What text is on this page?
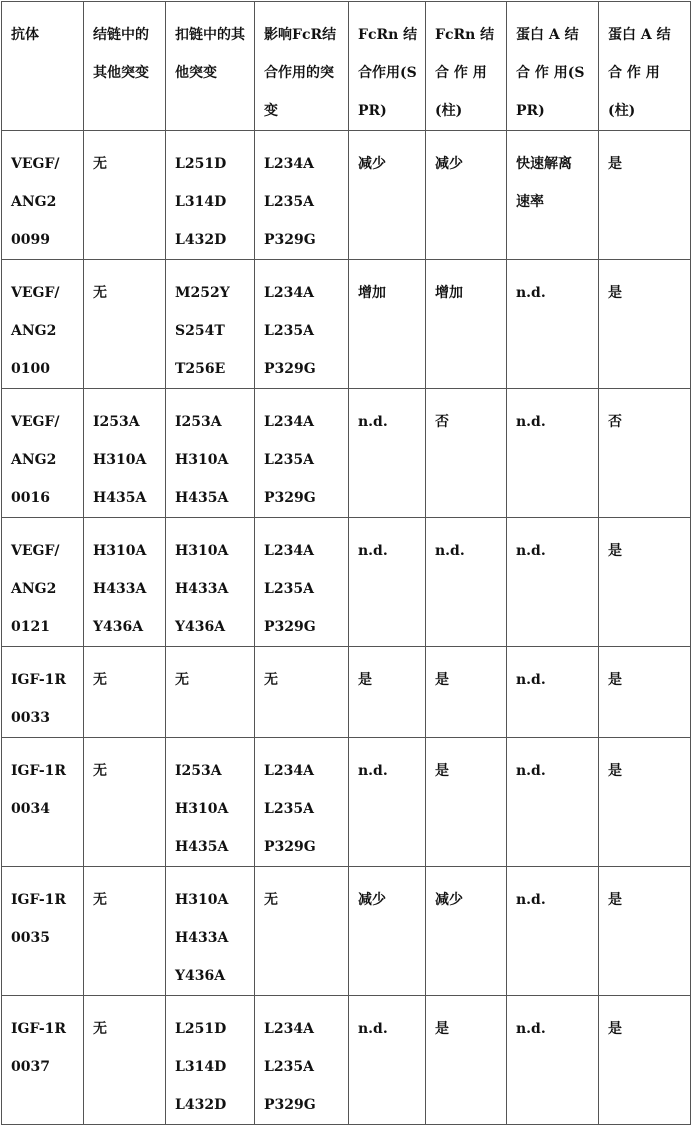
抗体	结链中的其他突变	扣链中的其他突变	影响FcR结合作用的突变	FcRn 结合作用(SPR)	FcRn 结合 作 用(柱)	蛋白 A 结合 作 用(SPR)	蛋白 A 结合 作 用(柱)
VEGF/
ANG2
0099	无	L251D
L314D
L432D	L234A
L235A
P329G	减少	减少	快速解离
速率	是
VEGF/
ANG2
0100	无	M252Y
S254T
T256E	L234A
L235A
P329G	增加	增加	n.d.	是
VEGF/
ANG2
0016	I253A
H310A
H435A	I253A
H310A
H435A	L234A
L235A
P329G	n.d.	否	n.d.	否
VEGF/
ANG2
0121	H310A
H433A
Y436A	H310A
H433A
Y436A	L234A
L235A
P329G	n.d.	n.d.	n.d.	是
IGF-1R
0033	无	无	无	是	是	n.d.	是
IGF-1R
0034	无	I253A
H310A
H435A	L234A
L235A
P329G	n.d.	是	n.d.	是
IGF-1R
0035	无	H310A
H433A
Y436A	无	减少	减少	n.d.	是
IGF-1R
0037	无	L251D
L314D
L432D	L234A
L235A
P329G	n.d.	是	n.d.	是
